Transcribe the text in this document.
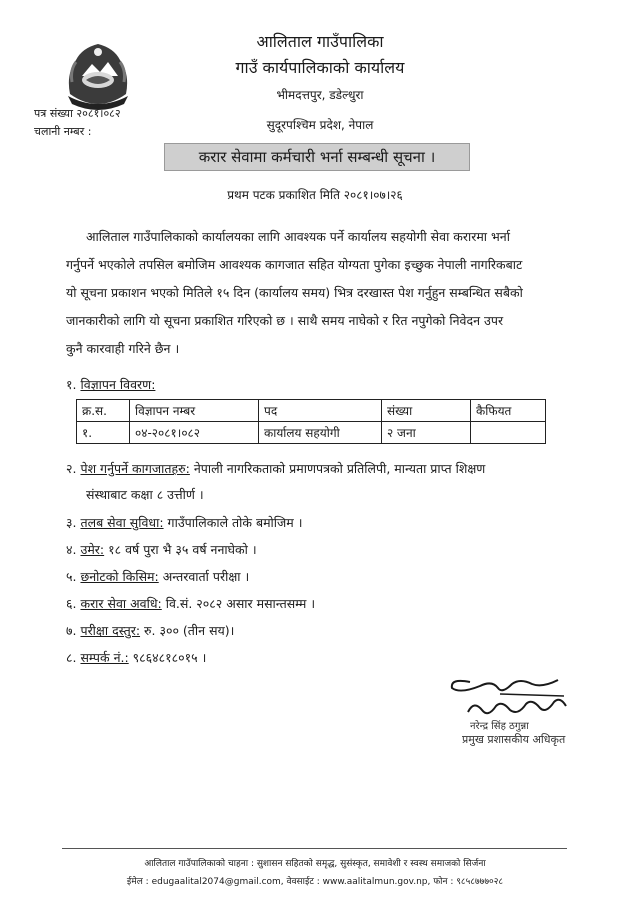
आलिताल गाउँपालिका
गाउँ कार्यपालिकाको कार्यालय
भीमदत्तपुर, डडेल्धुरा
सुदूरपश्चिम प्रदेश, नेपाल
पत्र संख्या २०८१।०८२
चलानी नम्बर :
करार सेवामा कर्मचारी भर्ना सम्बन्धी सूचना ।
प्रथम पटक प्रकाशित मिति २०८१।०७।२६
आलिताल गाउँपालिकाको कार्यालयका लागि आवश्यक पर्ने कार्यालय सहयोगी सेवा करारमा भर्ना
गर्नुपर्ने भएकोले तपसिल बमोजिम आवश्यक कागजात सहित योग्यता पुगेका इच्छुक नेपाली नागरिकबाट
यो सूचना प्रकाशन भएको मितिले १५ दिन (कार्यालय समय) भित्र दरखास्त पेश गर्नुहुन सम्बन्धित सबैको
जानकारीको लागि यो सूचना प्रकाशित गरिएको छ । साथै समय नाघेको र रित नपुगेको निवेदन उपर
कुनै कारवाही गरिने छैन ।
१. विज्ञापन विवरण:
क्र.स.	विज्ञापन नम्बर	पद	संख्या	कैफियत
१.	०४-२०८१।०८२	कार्यालय सहयोगी	२ जना	
२. पेश गर्नुपर्ने कागजातहरु: नेपाली नागरिकताको प्रमाणपत्रको प्रतिलिपी, मान्यता प्राप्त शिक्षण
संस्थाबाट कक्षा ८ उत्तीर्ण ।
३. तलब सेवा सुविधा: गाउँपालिकाले तोके बमोजिम ।
४. उमेर: १८ वर्ष पुरा भै ३५ वर्ष ननाघेको ।
५. छनोटको किसिम: अन्तरवार्ता परीक्षा ।
६. करार सेवा अवधि: वि.सं. २०८२ असार मसान्तसम्म ।
७. परीक्षा दस्तुर: रु. ३०० (तीन सय)।
८. सम्पर्क नं.: ९८६४८१८०१५ ।
नरेन्द्र सिंह ठगुन्ना
प्रमुख प्रशासकीय अधिकृत
आलिताल गाउँपालिकाको चाहना : सुशासन सहितको समृद्ध, सुसंस्कृत, समावेशी र स्वस्थ समाजको सिर्जना
ईमेल : edugaalital2074@gmail.com, वेवसाईट : www.aalitalmun.gov.np, फोन : ९८५८७७७०२८
